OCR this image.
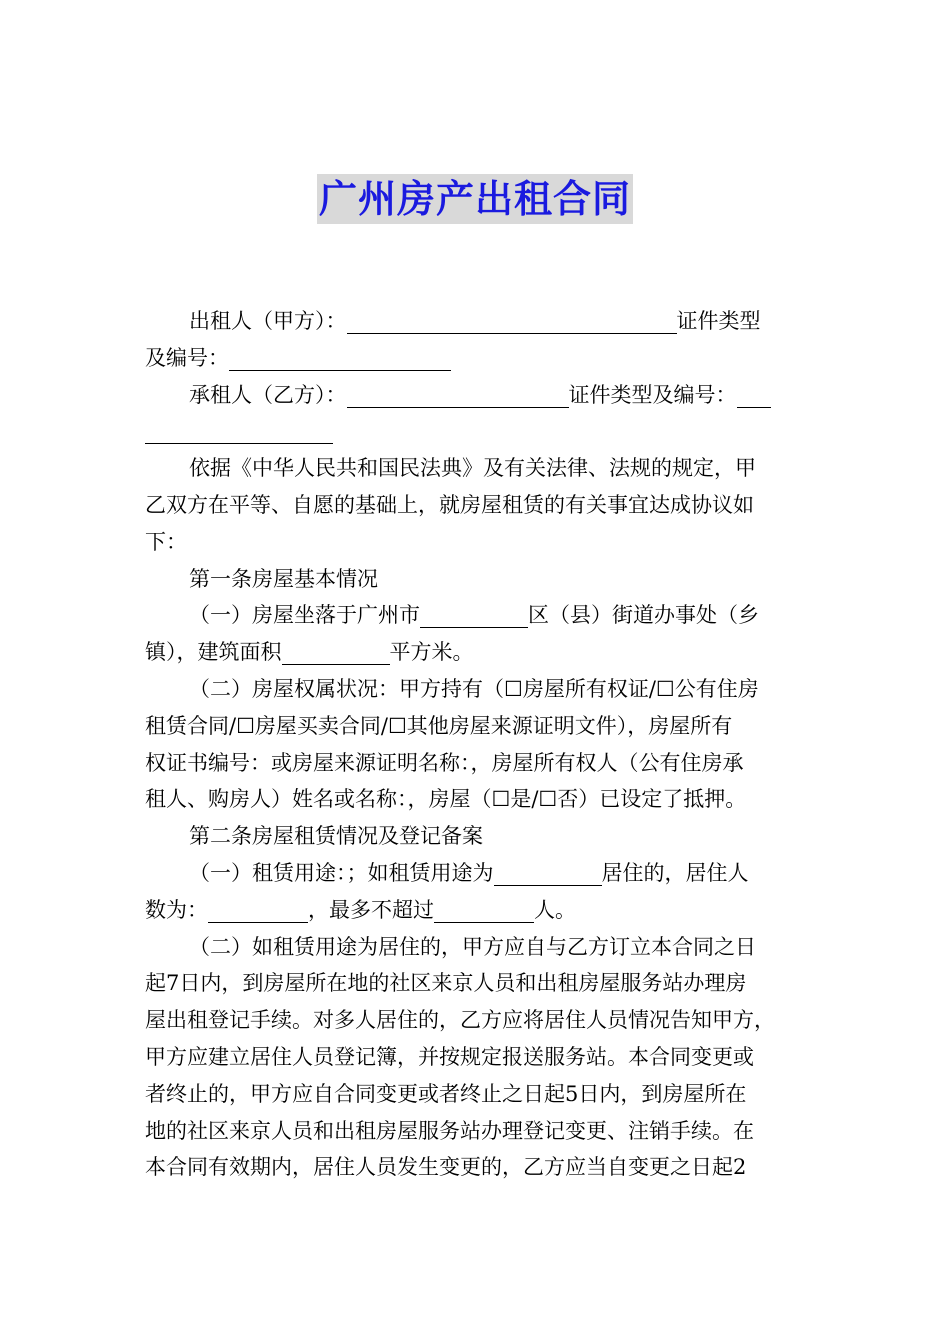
广州房产出租合同
出租人（甲方）：	证件类型
及编号：
承租人（乙方）：	证件类型及编号：
依据《中华人民共和国民法典》及有关法律、法规的规定，甲
乙双方在平等、自愿的基础上，就房屋租赁的有关事宜达成协议如
下：
第一条房屋基本情况
（一）房屋坐落于广州市	区（县）街道办事处（乡
镇），建筑面积	平方米。
（二）房屋权属状况：甲方持有（☐房屋所有权证/☐公有住房
租赁合同/☐房屋买卖合同/☐其他房屋来源证明文件），房屋所有
权证书编号：或房屋来源证明名称：，房屋所有权人（公有住房承
租人、购房人）姓名或名称：，房屋（☐是/☐否）已设定了抵押。
第二条房屋租赁情况及登记备案
（一）租赁用途：；如租赁用途为	居住的，居住人
数为：	，最多不超过	人。
（二）如租赁用途为居住的，甲方应自与乙方订立本合同之日
起7日内，到房屋所在地的社区来京人员和出租房屋服务站办理房
屋出租登记手续。对多人居住的，乙方应将居住人员情况告知甲方，
甲方应建立居住人员登记簿，并按规定报送服务站。本合同变更或
者终止的，甲方应自合同变更或者终止之日起5日内，到房屋所在
地的社区来京人员和出租房屋服务站办理登记变更、注销手续。在
本合同有效期内，居住人员发生变更的，乙方应当自变更之日起2
